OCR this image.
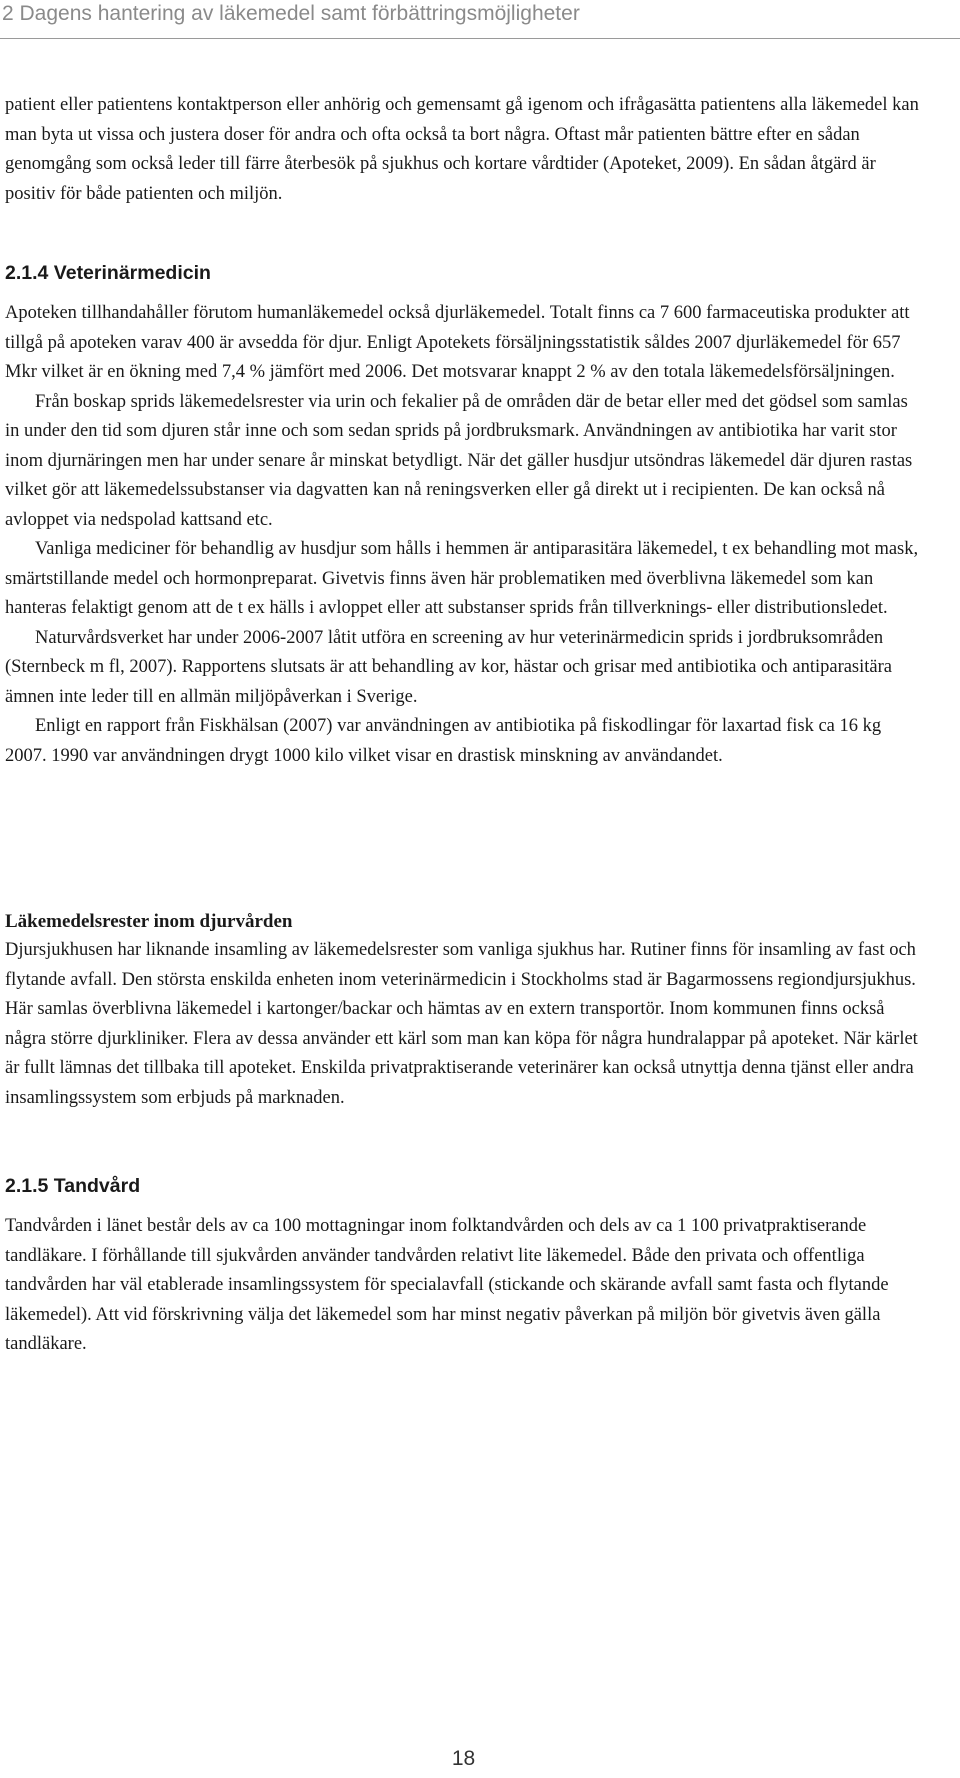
2 Dagens hantering av läkemedel samt förbättringsmöjligheter

patient eller patientens kontaktperson eller anhörig och gemensamt gå igenom och ifrågasätta patientens alla läkemedel kan man byta ut vissa och justera doser för andra och ofta också ta bort några. Oftast mår patienten bättre efter en sådan genomgång som också leder till färre återbesök på sjukhus och kortare vårdtider (Apoteket, 2009). En sådan åtgärd är positiv för både patienten och miljön.

2.1.4 Veterinärmedicin

Apoteken tillhandahåller förutom humanläkemedel också djurläkemedel. Totalt finns ca 7 600 farmaceutiska produkter att tillgå på apoteken varav 400 är avsedda för djur. Enligt Apotekets försäljningsstatistik såldes 2007 djurläkemedel för 657 Mkr vilket är en ökning med 7,4 % jämfört med 2006. Det motsvarar knappt 2 % av den totala läkemedelsförsäljningen.

Från boskap sprids läkemedelsrester via urin och fekalier på de områden där de betar eller med det gödsel som samlas in under den tid som djuren står inne och som sedan sprids på jordbruksmark. Användningen av antibiotika har varit stor inom djurnäringen men har under senare år minskat betydligt. När det gäller husdjur utsöndras läkemedel där djuren rastas vilket gör att läkemedelssubstanser via dagvatten kan nå reningsverken eller gå direkt ut i recipienten. De kan också nå avloppet via nedspolad kattsand etc.

Vanliga mediciner för behandlig av husdjur som hålls i hemmen är antiparasitära läkemedel, t ex behandling mot mask, smärtstillande medel och hormonpreparat. Givetvis finns även här problematiken med överblivna läkemedel som kan hanteras felaktigt genom att de t ex hälls i avloppet eller att substanser sprids från tillverknings- eller distributionsledet.

Naturvårdsverket har under 2006-2007 låtit utföra en screening av hur veterinärmedicin sprids i jordbruksområden (Sternbeck m fl, 2007). Rapportens slutsats är att behandling av kor, hästar och grisar med antibiotika och antiparasitära ämnen inte leder till en allmän miljöpåverkan i Sverige.

Enligt en rapport från Fiskhälsan (2007) var användningen av antibiotika på fiskodlingar för laxartad fisk ca 16 kg 2007. 1990 var användningen drygt 1000 kilo vilket visar en drastisk minskning av användandet.

Läkemedelsrester inom djurvården

Djursjukhusen har liknande insamling av läkemedelsrester som vanliga sjukhus har. Rutiner finns för insamling av fast och flytande avfall. Den största enskilda enheten inom veterinärmedicin i Stockholms stad är Bagarmossens regiondjursjukhus. Här samlas överblivna läkemedel i kartonger/backar och hämtas av en extern transportör. Inom kommunen finns också några större djurkliniker. Flera av dessa använder ett kärl som man kan köpa för några hundralappar på apoteket. När kärlet är fullt lämnas det tillbaka till apoteket. Enskilda privatpraktiserande veterinärer kan också utnyttja denna tjänst eller andra insamlingssystem som erbjuds på marknaden.

2.1.5 Tandvård

Tandvården i länet består dels av ca 100 mottagningar inom folktandvården och dels av ca 1 100 privatpraktiserande tandläkare. I förhållande till sjukvården använder tandvården relativt lite läkemedel. Både den privata och offentliga tandvården har väl etablerade insamlingssystem för specialavfall (stickande och skärande avfall samt fasta och flytande läkemedel). Att vid förskrivning välja det läkemedel som har minst negativ påverkan på miljön bör givetvis även gälla tandläkare.

18
